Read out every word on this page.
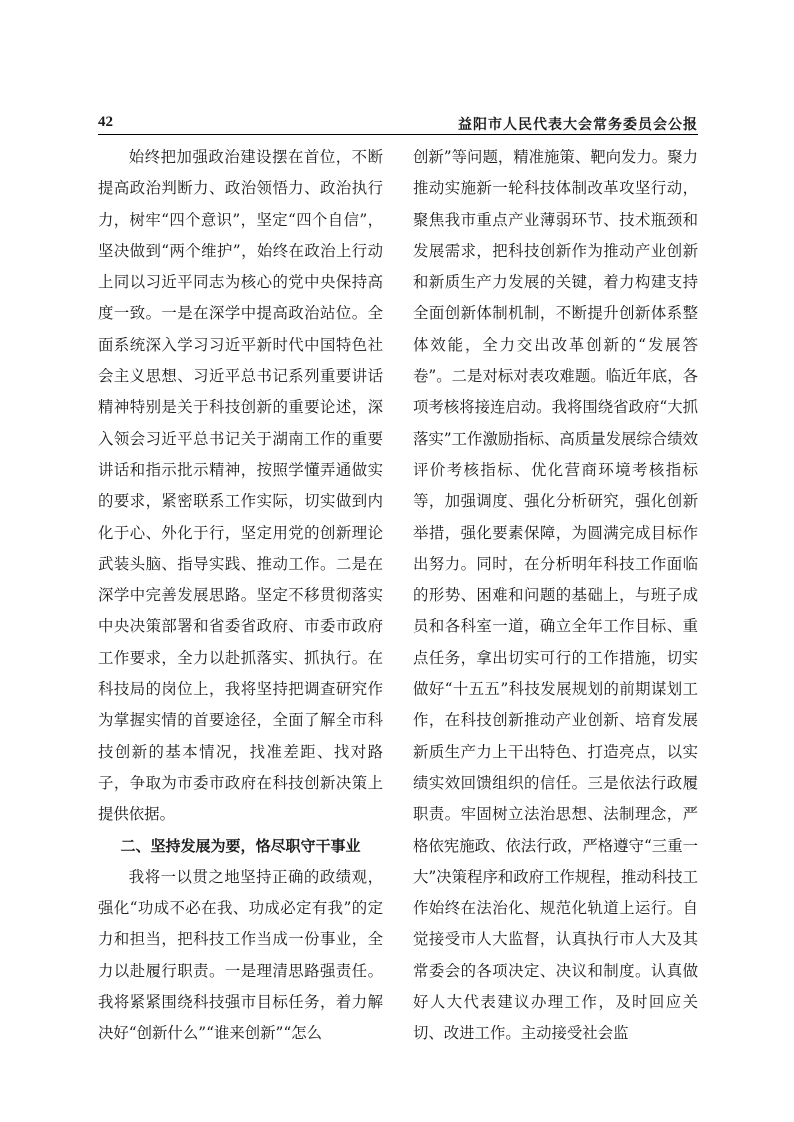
42	益阳市人民代表大会常务委员会公报

始终把加强政治建设摆在首位，不断提高政治判断力、政治领悟力、政治执行力，树牢“四个意识”，坚定“四个自信”，坚决做到“两个维护”，始终在政治上行动上同以习近平同志为核心的党中央保持高度一致。一是在深学中提高政治站位。全面系统深入学习习近平新时代中国特色社会主义思想、习近平总书记系列重要讲话精神特别是关于科技创新的重要论述，深入领会习近平总书记关于湖南工作的重要讲话和指示批示精神，按照学懂弄通做实的要求，紧密联系工作实际，切实做到内化于心、外化于行，坚定用党的创新理论武装头脑、指导实践、推动工作。二是在深学中完善发展思路。坚定不移贯彻落实中央决策部署和省委省政府、市委市政府工作要求，全力以赴抓落实、抓执行。在科技局的岗位上，我将坚持把调查研究作为掌握实情的首要途径，全面了解全市科技创新的基本情况，找准差距、找对路子，争取为市委市政府在科技创新决策上提供依据。

二、坚持发展为要，恪尽职守干事业

我将一以贯之地坚持正确的政绩观，强化“功成不必在我、功成必定有我”的定力和担当，把科技工作当成一份事业，全力以赴履行职责。一是理清思路强责任。我将紧紧围绕科技强市目标任务，着力解决好“创新什么”“谁来创新”“怎么

创新”等问题，精准施策、靶向发力。聚力推动实施新一轮科技体制改革攻坚行动，聚焦我市重点产业薄弱环节、技术瓶颈和发展需求，把科技创新作为推动产业创新和新质生产力发展的关键，着力构建支持全面创新体制机制，不断提升创新体系整体效能，全力交出改革创新的“发展答卷”。二是对标对表攻难题。临近年底，各项考核将接连启动。我将围绕省政府“大抓落实”工作激励指标、高质量发展综合绩效评价考核指标、优化营商环境考核指标等，加强调度、强化分析研究，强化创新举措，强化要素保障，为圆满完成目标作出努力。同时，在分析明年科技工作面临的形势、困难和问题的基础上，与班子成员和各科室一道，确立全年工作目标、重点任务，拿出切实可行的工作措施，切实做好“十五五”科技发展规划的前期谋划工作，在科技创新推动产业创新、培育发展新质生产力上干出特色、打造亮点，以实绩实效回馈组织的信任。三是依法行政履职责。牢固树立法治思想、法制理念，严格依宪施政、依法行政，严格遵守“三重一大”决策程序和政府工作规程，推动科技工作始终在法治化、规范化轨道上运行。自觉接受市人大监督，认真执行市人大及其常委会的各项决定、决议和制度。认真做好人大代表建议办理工作，及时回应关切、改进工作。主动接受社会监
